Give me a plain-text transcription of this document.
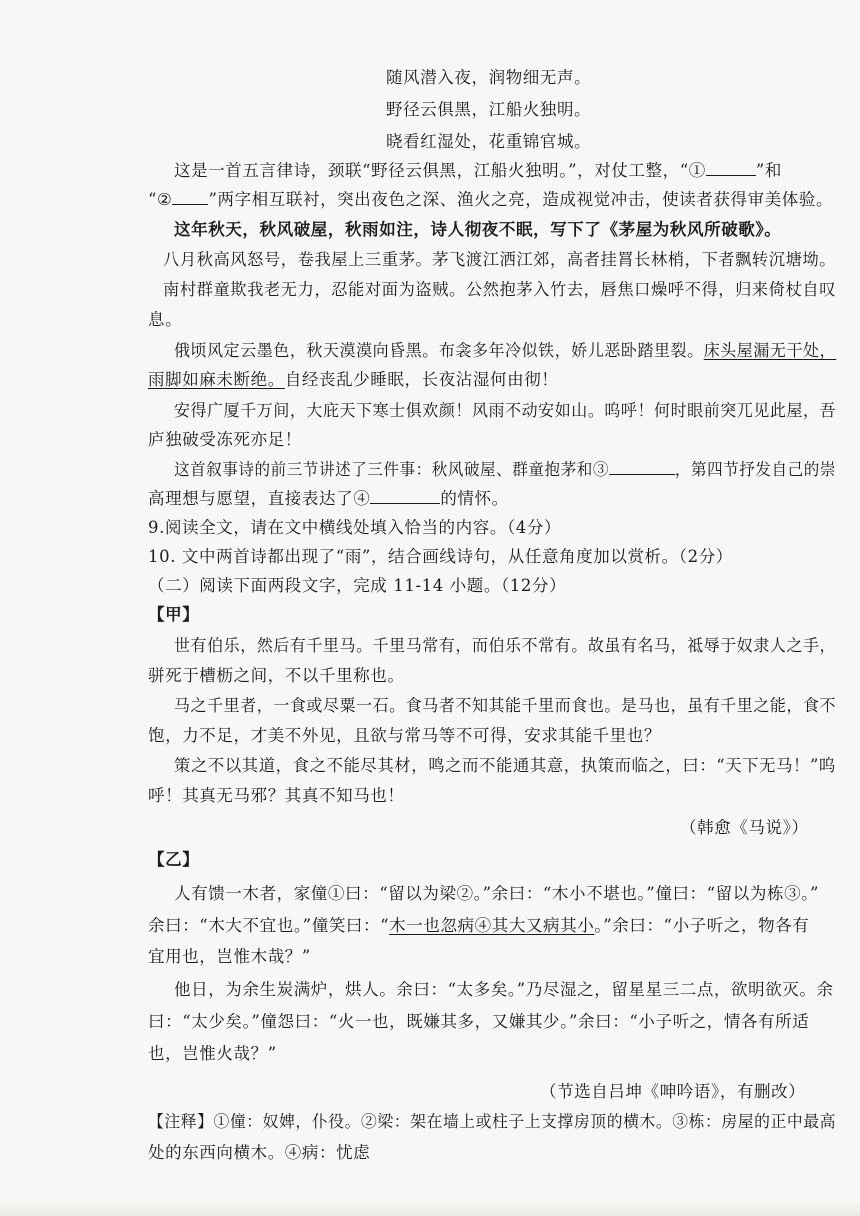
随风潜入夜，润物细无声。
野径云俱黑，江船火独明。
晓看红湿处，花重锦官城。
这是一首五言律诗，颈联“野径云俱黑，江船火独明。”，对仗工整，“①	”和
“② ”两字相互联衬，突出夜色之深、渔火之亮，造成视觉冲击，使读者获得审美体验。
这年秋天，秋风破屋，秋雨如注，诗人彻夜不眠，写下了《茅屋为秋风所破歌》。
八月秋高风怒号，卷我屋上三重茅。茅飞渡江洒江郊，高者挂罥长林梢，下者飘转沉塘坳。
南村群童欺我老无力，忍能对面为盗贼。公然抱茅入竹去，唇焦口燥呼不得，归来倚杖自叹
息。
俄顷风定云墨色，秋天漠漠向昏黑。布衾多年冷似铁，娇儿恶卧踏里裂。床头屋漏无干处，
雨脚如麻未断绝。自经丧乱少睡眠，长夜沾湿何由彻！
安得广厦千万间，大庇天下寒士俱欢颜！风雨不动安如山。呜呼！何时眼前突兀见此屋，吾
庐独破受冻死亦足！
这首叙事诗的前三节讲述了三件事：秋风破屋、群童抱茅和③	，第四节抒发自己的崇
高理想与愿望，直接表达了④	的情怀。
9.阅读全文，请在文中横线处填入恰当的内容。（4分）
10. 文中两首诗都出现了“雨”，结合画线诗句，从任意角度加以赏析。（2分）
（二）阅读下面两段文字，完成 11-14 小题。（12分）
【甲】
世有伯乐，然后有千里马。千里马常有，而伯乐不常有。故虽有名马，祗辱于奴隶人之手，
骈死于槽枥之间，不以千里称也。
马之千里者，一食或尽粟一石。食马者不知其能千里而食也。是马也，虽有千里之能，食不
饱，力不足，才美不外见，且欲与常马等不可得，安求其能千里也？
策之不以其道，食之不能尽其材，鸣之而不能通其意，执策而临之，曰：“天下无马！”呜
呼！其真无马邪？其真不知马也！
（韩愈《马说》）
【乙】
人有馈一木者，家僮①曰：“留以为梁②。”余曰：“木小不堪也。”僮曰：“留以为栋③。”
余曰：“木大不宜也。”僮笑曰：“木一也忽病④其大又病其小。”余曰：“小子听之，物各有
宜用也，岂惟木哉？”
他日，为余生炭满炉，烘人。余曰：“太多矣。”乃尽湿之，留星星三二点，欲明欲灭。余
曰：“太少矣。”僮怨曰：“火一也，既嫌其多，又嫌其少。”余曰：“小子听之，情各有所适
也，岂惟火哉？”
（节选自吕坤《呻吟语》，有删改）
【注释】①僮：奴婢，仆役。②梁：架在墙上或柱子上支撑房顶的横木。③栋：房屋的正中最高
处的东西向横木。④病：忧虑
